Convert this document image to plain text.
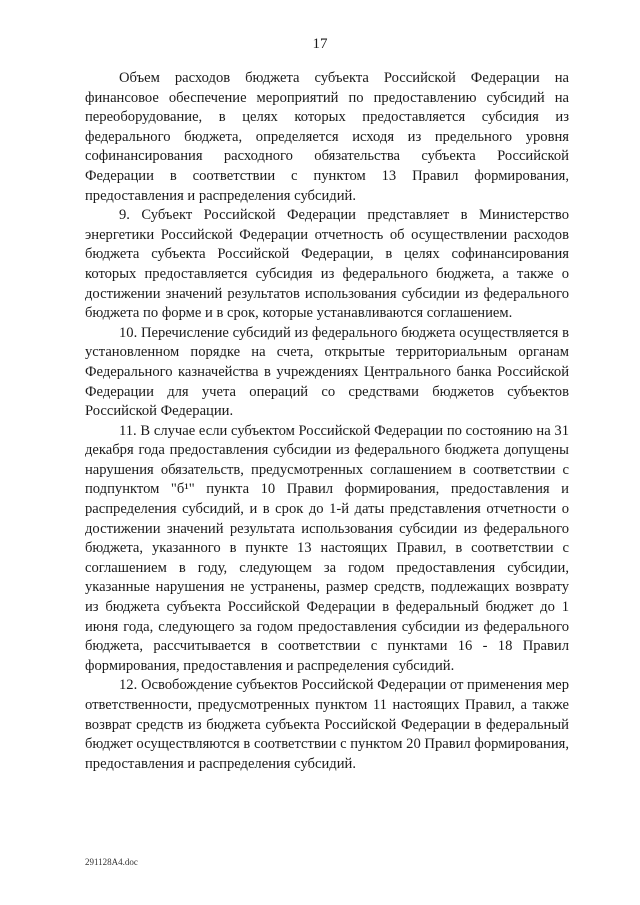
17

Объем расходов бюджета субъекта Российской Федерации на финансовое обеспечение мероприятий по предоставлению субсидий на переоборудование, в целях которых предоставляется субсидия из федерального бюджета, определяется исходя из предельного уровня софинансирования расходного обязательства субъекта Российской Федерации в соответствии с пунктом 13 Правил формирования, предоставления и распределения субсидий.

9. Субъект Российской Федерации представляет в Министерство энергетики Российской Федерации отчетность об осуществлении расходов бюджета субъекта Российской Федерации, в целях софинансирования которых предоставляется субсидия из федерального бюджета, а также о достижении значений результатов использования субсидии из федерального бюджета по форме и в срок, которые устанавливаются соглашением.

10. Перечисление субсидий из федерального бюджета осуществляется в установленном порядке на счета, открытые территориальным органам Федерального казначейства в учреждениях Центрального банка Российской Федерации для учета операций со средствами бюджетов субъектов Российской Федерации.

11. В случае если субъектом Российской Федерации по состоянию на 31 декабря года предоставления субсидии из федерального бюджета допущены нарушения обязательств, предусмотренных соглашением в соответствии с подпунктом "б¹" пункта 10 Правил формирования, предоставления и распределения субсидий, и в срок до 1-й даты представления отчетности о достижении значений результата использования субсидии из федерального бюджета, указанного в пункте 13 настоящих Правил, в соответствии с соглашением в году, следующем за годом предоставления субсидии, указанные нарушения не устранены, размер средств, подлежащих возврату из бюджета субъекта Российской Федерации в федеральный бюджет до 1 июня года, следующего за годом предоставления субсидии из федерального бюджета, рассчитывается в соответствии с пунктами 16 - 18 Правил формирования, предоставления и распределения субсидий.

12. Освобождение субъектов Российской Федерации от применения мер ответственности, предусмотренных пунктом 11 настоящих Правил, а также возврат средств из бюджета субъекта Российской Федерации в федеральный бюджет осуществляются в соответствии с пунктом 20 Правил формирования, предоставления и распределения субсидий.

291128A4.doc
